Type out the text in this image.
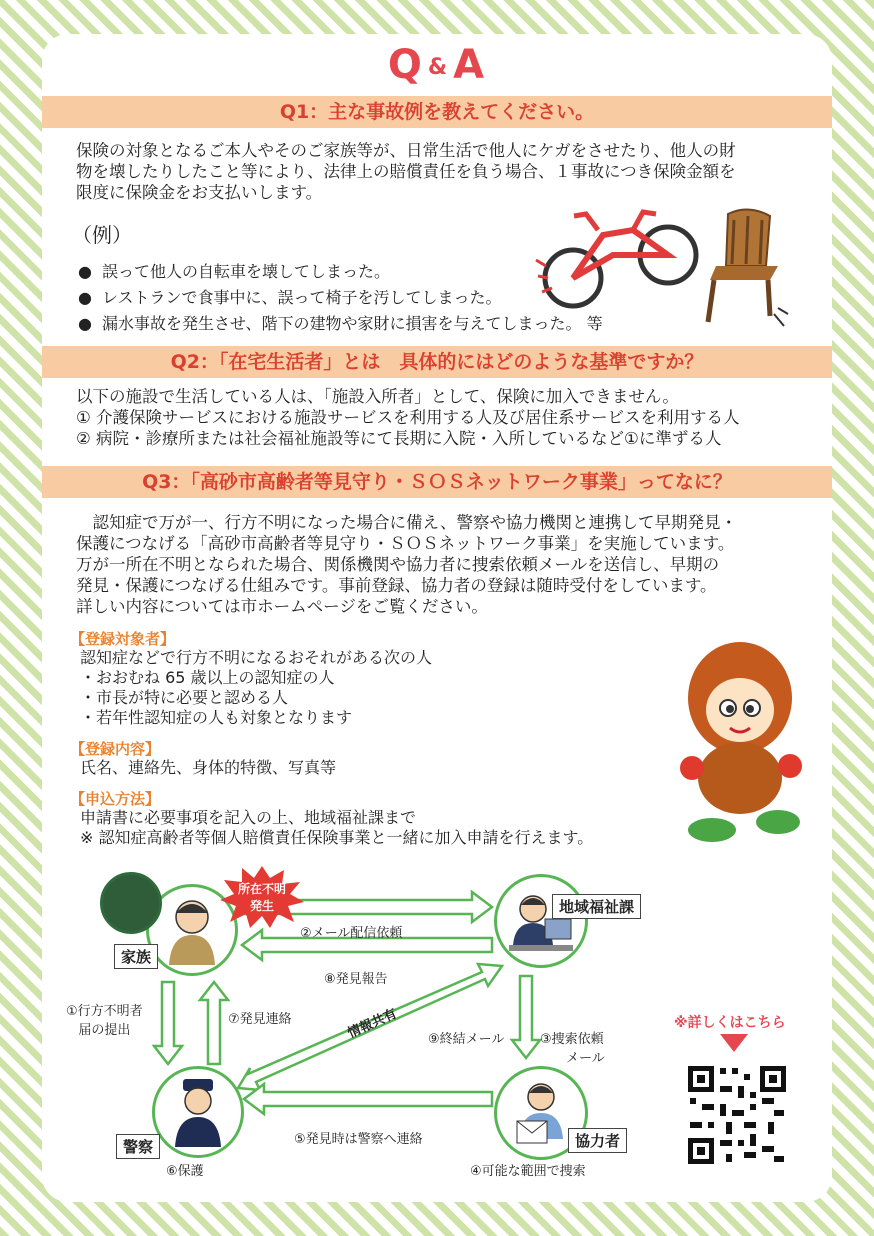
Q & A
Q1：主な事故例を教えてください。
保険の対象となるご本人やそのご家族等が、日常生活で他人にケガをさせたり、他人の財
物を壊したりしたこと等により、法律上の賠償責任を負う場合、１事故につき保険金額を
限度に保険金をお支払いします。
（例）
● 誤って他人の自転車を壊してしまった。
● レストランで食事中に、誤って椅子を汚してしまった。
● 漏水事故を発生させ、階下の建物や家財に損害を与えてしまった。 等
Q2：「在宅生活者」とは　具体的にはどのような基準ですか？
以下の施設で生活している人は、「施設入所者」として、保険に加入できません。
① 介護保険サービスにおける施設サービスを利用する人及び居住系サービスを利用する人
② 病院・診療所または社会福祉施設等にて長期に入院・入所しているなど①に準ずる人
Q3：「高砂市高齢者等見守り・ＳＯＳネットワーク事業」ってなに？
　認知症で万が一、行方不明になった場合に備え、警察や協力機関と連携して早期発見・
保護につなげる「高砂市高齢者等見守り・ＳＯＳネットワーク事業」を実施しています。
万が一所在不明となられた場合、関係機関や協力者に捜索依頼メールを送信し、早期の
発見・保護につなげる仕組みです。事前登録、協力者の登録は随時受付をしています。
詳しい内容については市ホームページをご覧ください。
【登録対象者】
認知症などで行方不明になるおそれがある次の人
・おおむね 65 歳以上の認知症の人
・市長が特に必要と認める人
・若年性認知症の人も対象となります
【登録内容】
氏名、連絡先、身体的特徴、写真等
【申込方法】
申請書に必要事項を記入の上、地域福祉課まで
※ 認知症高齢者等個人賠償責任保険事業と一緒に加入申請を行えます。
家族
所在不明
発生	地域福祉課
警察	協力者
②メール配信依頼
⑧発見報告
①行方不明者
届の提出
⑦発見連絡	情報共有 ⑨終結メール	③捜索依頼
メール
⑤発見時は警察へ連絡
⑥保護	④可能な範囲で捜索
※詳しくはこちら
